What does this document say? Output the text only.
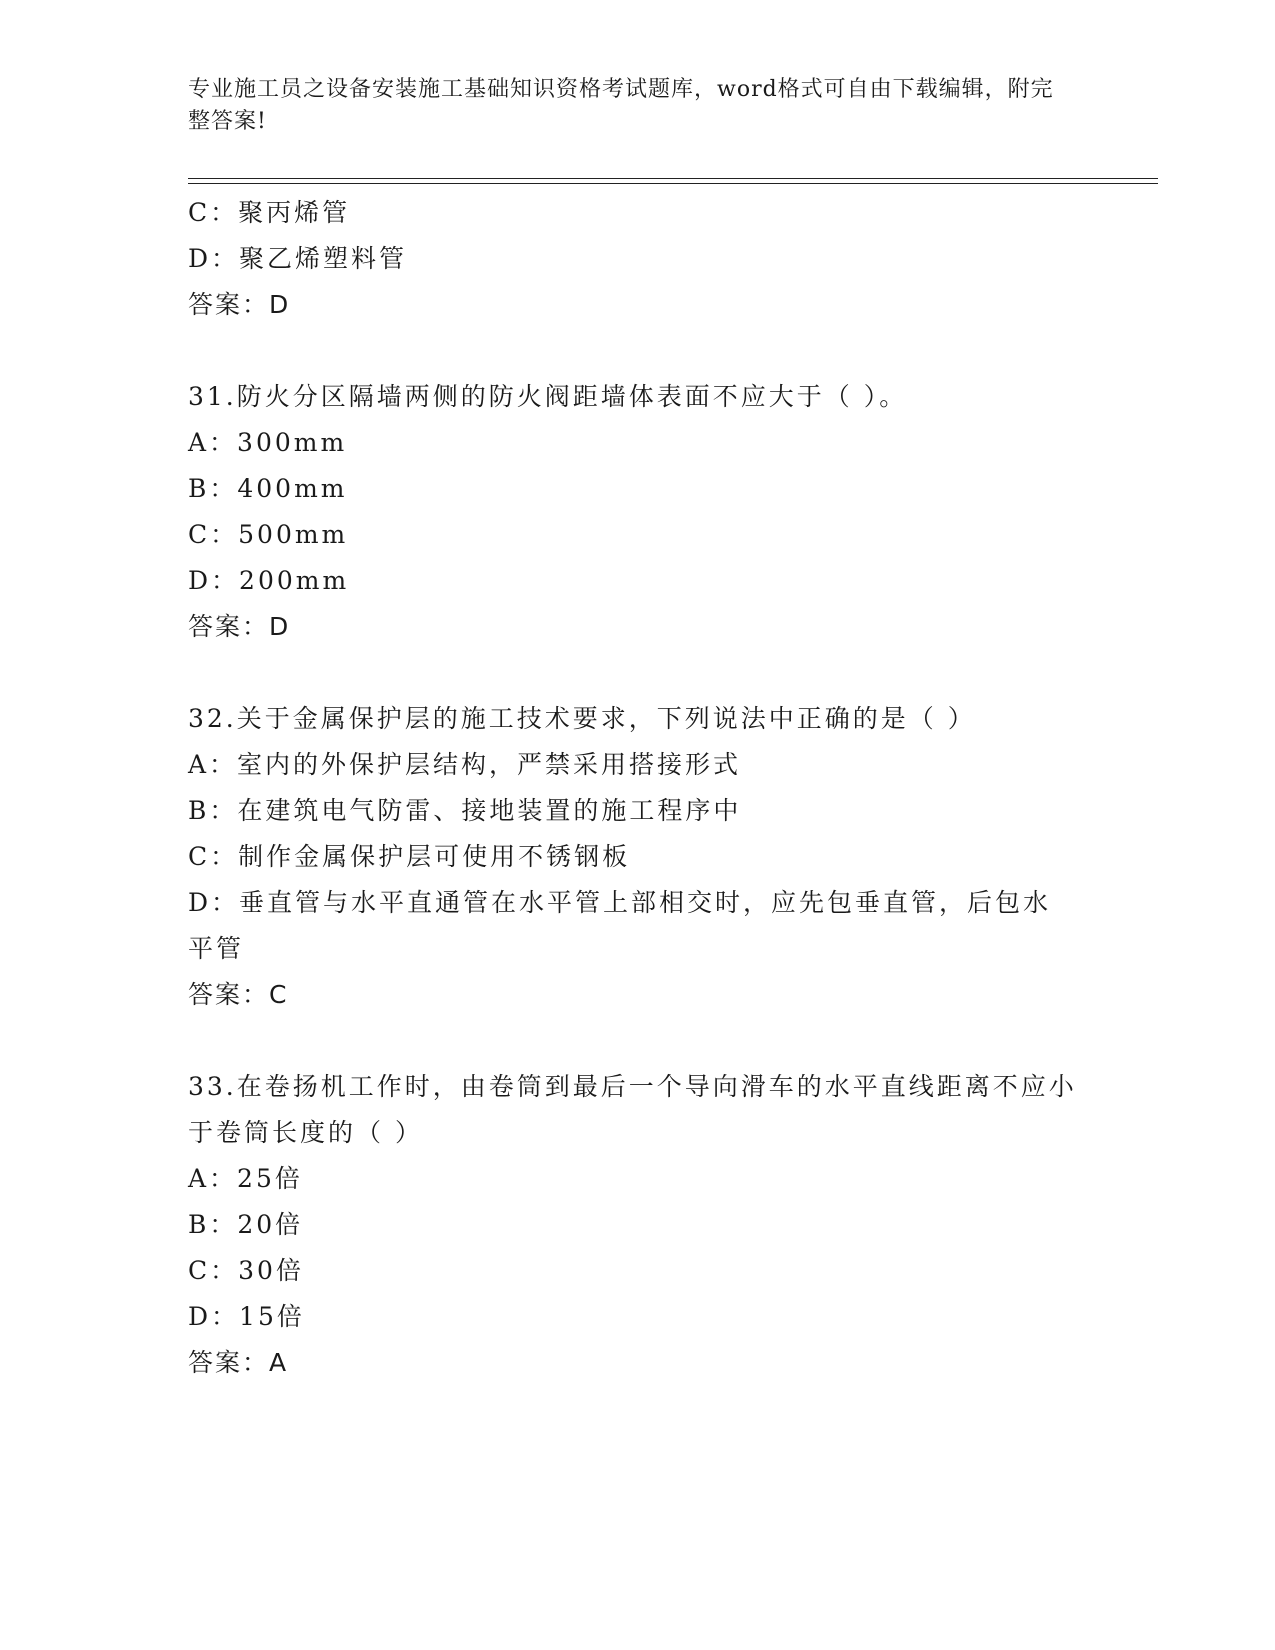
专业施工员之设备安装施工基础知识资格考试题库，word格式可自由下载编辑，附完整答案!
C：聚丙烯管
D：聚乙烯塑料管
答案：D
31.防火分区隔墙两侧的防火阀距墙体表面不应大于（ ）。
A：300mm
B：400mm
C：500mm
D：200mm
答案：D
32.关于金属保护层的施工技术要求，下列说法中正确的是（ ）
A：室内的外保护层结构，严禁采用搭接形式
B：在建筑电气防雷、接地装置的施工程序中
C：制作金属保护层可使用不锈钢板
D：垂直管与水平直通管在水平管上部相交时，应先包垂直管，后包水平管
答案：C
33.在卷扬机工作时，由卷筒到最后一个导向滑车的水平直线距离不应小于卷筒长度的（ ）
A：25倍
B：20倍
C：30倍
D：15倍
答案：A
